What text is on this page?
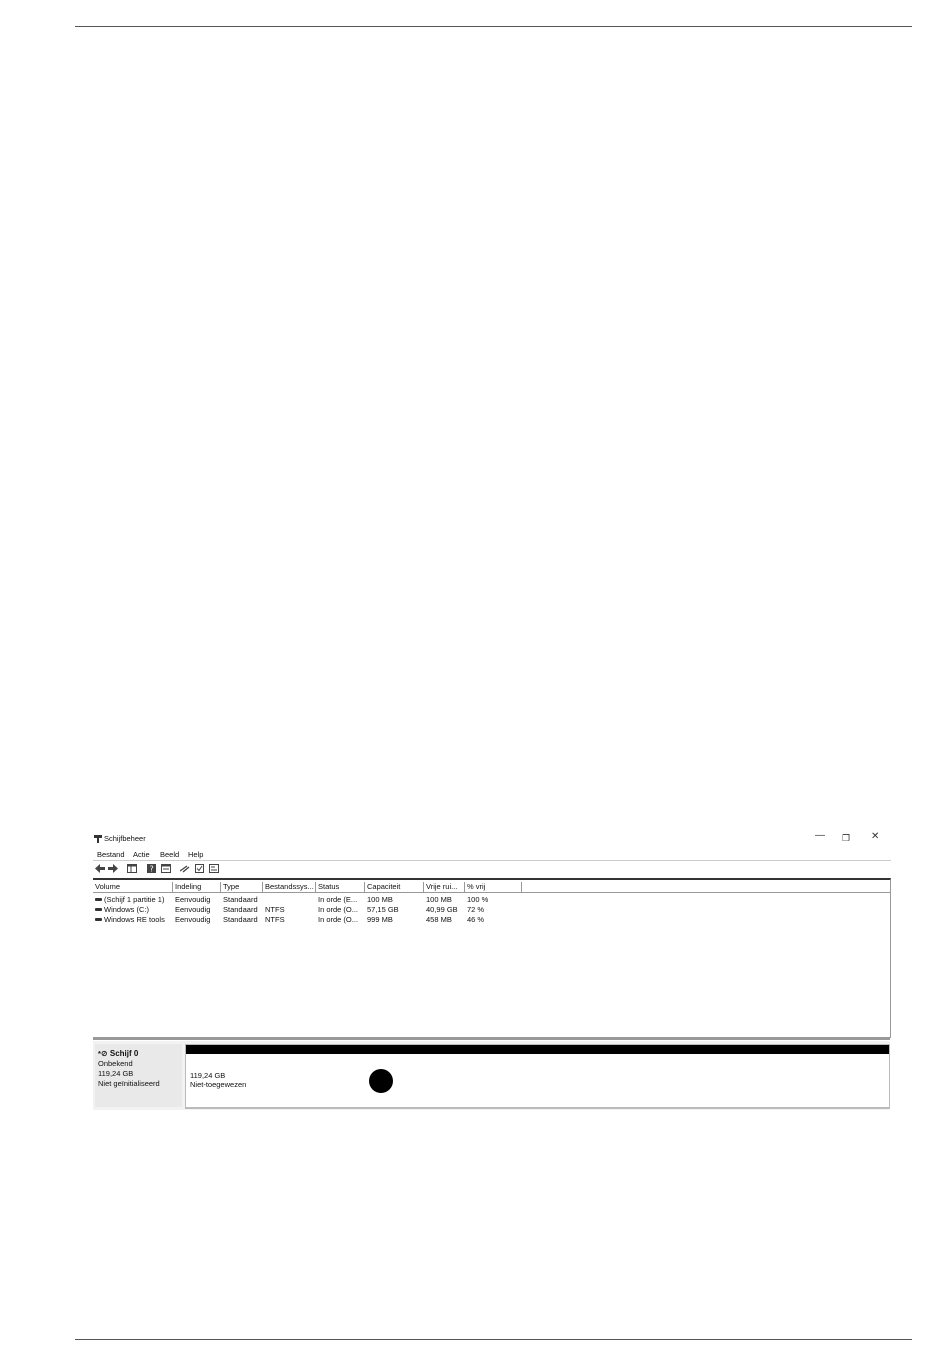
Schijfbeheer	— ❐ ✕
Bestand Actie Beeld Help
?
Volume	Indeling	Type	Bestandssys... Status	Capaciteit	Vrije rui...	% vrij
(Schijf 1 partitie 1) Eenvoudig Standaard	In orde (E... 100 MB	100 MB 100 %
Windows (C:)	Eenvoudig Standaard NTFS	In orde (O... 57,15 GB	40,99 GB 72 %
Windows RE tools Eenvoudig Standaard NTFS	In orde (O... 999 MB	458 MB 46 %
*⊘ Schijf 0
Onbekend
119,24 GB
Niet geïnitialiseerd
119,24 GB
Niet-toegewezen
